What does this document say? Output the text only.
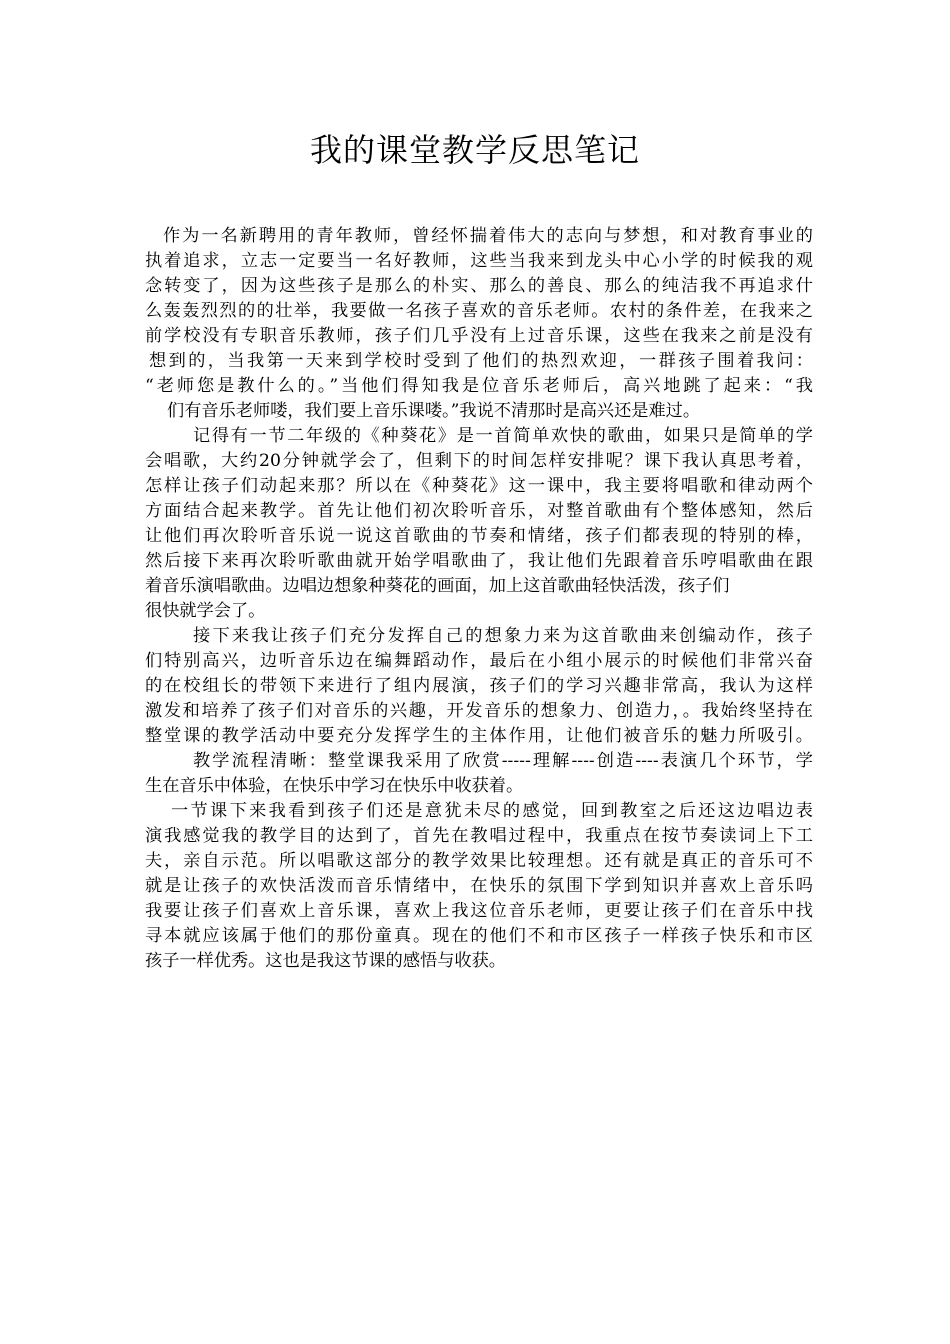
我的课堂教学反思笔记
作为一名新聘用的青年教师，曾经怀揣着伟大的志向与梦想，和对教育事业的
执着追求，立志一定要当一名好教师，这些当我来到龙头中心小学的时候我的观
念转变了，因为这些孩子是那么的朴实、那么的善良、那么的纯洁我不再追求什
么轰轰烈烈的的壮举，我要做一名孩子喜欢的音乐老师。农村的条件差，在我来之
前学校没有专职音乐教师，孩子们几乎没有上过音乐课，这些在我来之前是没有
想到的，当我第一天来到学校时受到了他们的热烈欢迎，一群孩子围着我问：
“老师您是教什么的。”当他们得知我是位音乐老师后，高兴地跳了起来：“我
们有音乐老师喽，我们要上音乐课喽。”我说不清那时是高兴还是难过。
记得有一节二年级的《种葵花》是一首简单欢快的歌曲，如果只是简单的学
会唱歌，大约20分钟就学会了，但剩下的时间怎样安排呢？课下我认真思考着，
怎样让孩子们动起来那？所以在《种葵花》这一课中，我主要将唱歌和律动两个
方面结合起来教学。首先让他们初次聆听音乐，对整首歌曲有个整体感知，然后
让他们再次聆听音乐说一说这首歌曲的节奏和情绪，孩子们都表现的特别的棒，
然后接下来再次聆听歌曲就开始学唱歌曲了，我让他们先跟着音乐哼唱歌曲在跟
着音乐演唱歌曲。边唱边想象种葵花的画面，加上这首歌曲轻快活泼，孩子们
很快就学会了。
接下来我让孩子们充分发挥自己的想象力来为这首歌曲来创编动作，孩子
们特别高兴，边听音乐边在编舞蹈动作，最后在小组小展示的时候他们非常兴奋
的在校组长的带领下来进行了组内展演，孩子们的学习兴趣非常高，我认为这样
激发和培养了孩子们对音乐的兴趣，开发音乐的想象力、创造力，。我始终坚持在
整堂课的教学活动中要充分发挥学生的主体作用，让他们被音乐的魅力所吸引。
教学流程清晰：整堂课我采用了欣赏-----理解----创造----表演几个环节，学
生在音乐中体验，在快乐中学习在快乐中收获着。
一节课下来我看到孩子们还是意犹未尽的感觉，回到教室之后还这边唱边表
演我感觉我的教学目的达到了，首先在教唱过程中，我重点在按节奏读词上下工
夫，亲自示范。所以唱歌这部分的教学效果比较理想。还有就是真正的音乐可不
就是让孩子的欢快活泼而音乐情绪中，在快乐的氛围下学到知识并喜欢上音乐吗
我要让孩子们喜欢上音乐课，喜欢上我这位音乐老师，更要让孩子们在音乐中找
寻本就应该属于他们的那份童真。现在的他们不和市区孩子一样孩子快乐和市区
孩子一样优秀。这也是我这节课的感悟与收获。
